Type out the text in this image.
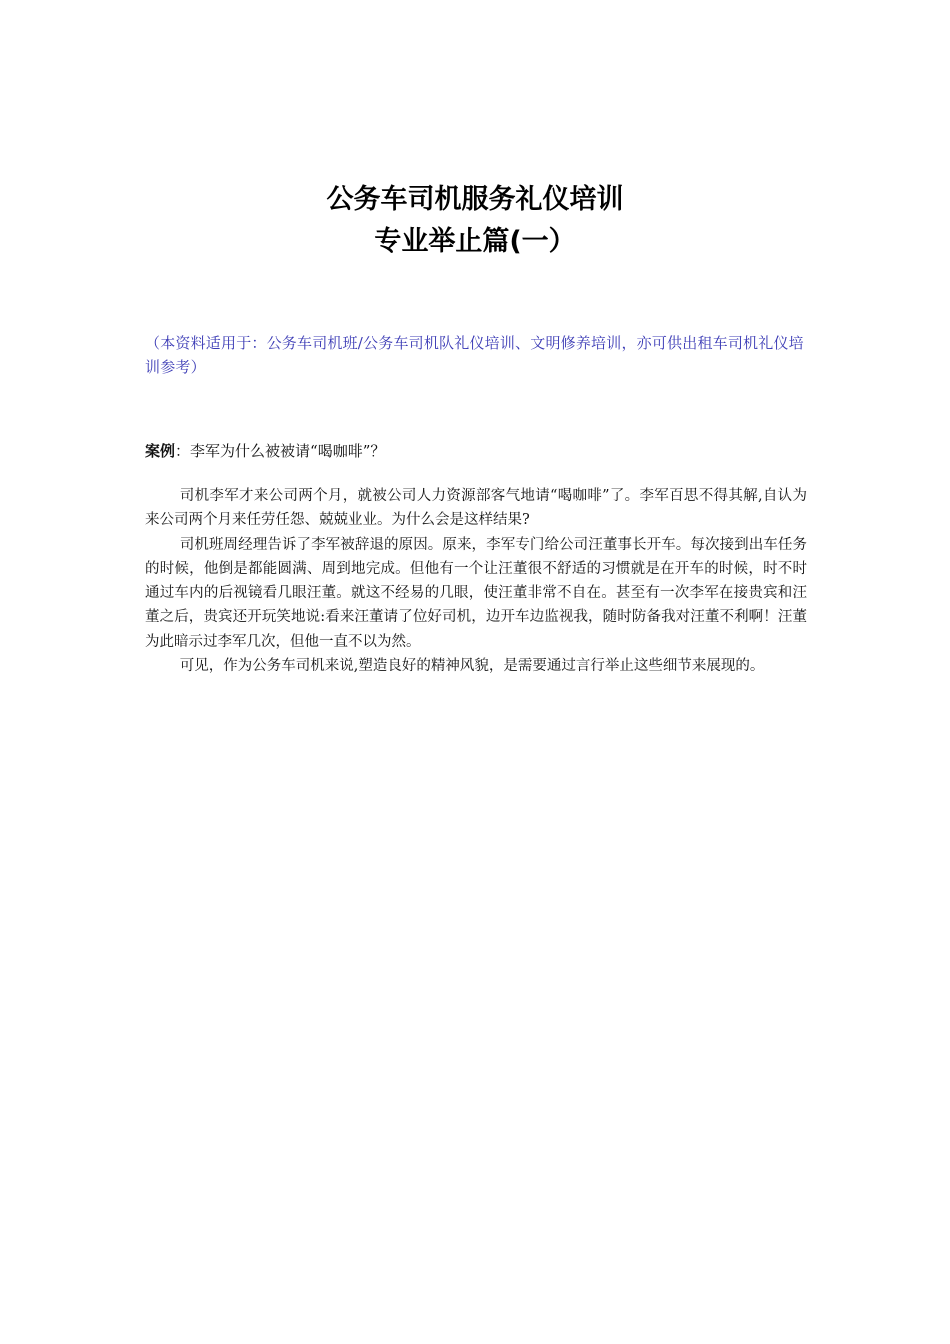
公务车司机服务礼仪培训
专业举止篇(一）
（本资料适用于：公务车司机班/公务车司机队礼仪培训、文明修养培训，亦可供出租车司机礼仪培训参考）
案例：李军为什么被被请“喝咖啡”？

司机李军才来公司两个月，就被公司人力资源部客气地请“喝咖啡”了。李军百思不得其解,自认为来公司两个月来任劳任怨、兢兢业业。为什么会是这样结果?

司机班周经理告诉了李军被辞退的原因。原来，李军专门给公司汪董事长开车。每次接到出车任务的时候，他倒是都能圆满、周到地完成。但他有一个让汪董很不舒适的习惯就是在开车的时候，时不时通过车内的后视镜看几眼汪董。就这不经易的几眼，使汪董非常不自在。甚至有一次李军在接贵宾和汪董之后，贵宾还开玩笑地说:看来汪董请了位好司机，边开车边监视我，随时防备我对汪董不利啊！汪董为此暗示过李军几次，但他一直不以为然。

可见，作为公务车司机来说,塑造良好的精神风貌，是需要通过言行举止这些细节来展现的。
